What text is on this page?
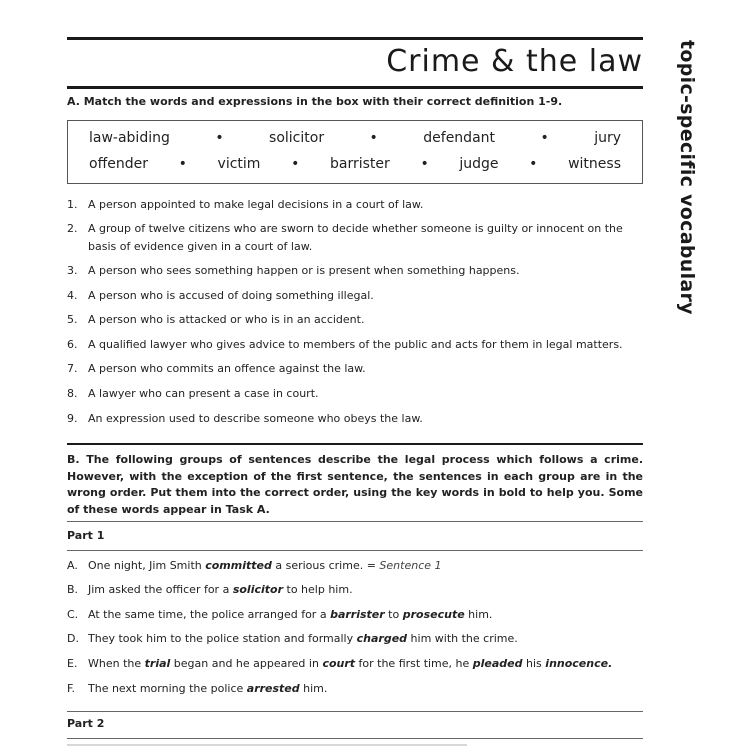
Crime & the law
A. Match the words and expressions in the box with their correct definition 1-9.
law-abiding	•	solicitor	•	defendant	•	jury
offender • victim • barrister • judge • witness
1. A person appointed to make legal decisions in a court of law.
2. A group of twelve citizens who are sworn to decide whether someone is guilty or innocent on the basis of evidence given in a court of law.
3. A person who sees something happen or is present when something happens.
4. A person who is accused of doing something illegal.
5. A person who is attacked or who is in an accident.
6. A qualified lawyer who gives advice to members of the public and acts for them in legal matters.
7. A person who commits an offence against the law.
8. A lawyer who can present a case in court.
9. An expression used to describe someone who obeys the law.
B. The following groups of sentences describe the legal process which follows a crime. However, with the exception of the first sentence, the sentences in each group are in the wrong order. Put them into the correct order, using the key words in bold to help you. Some of these words appear in Task A.
Part 1
A. One night, Jim Smith committed a serious crime. = Sentence 1
B. Jim asked the officer for a solicitor to help him.
C. At the same time, the police arranged for a barrister to prosecute him.
D. They took him to the police station and formally charged him with the crime.
E. When the trial began and he appeared in court for the first time, he pleaded his innocence.
F.	The next morning the police arrested him.
Part 2
topic-specific vocabulary
